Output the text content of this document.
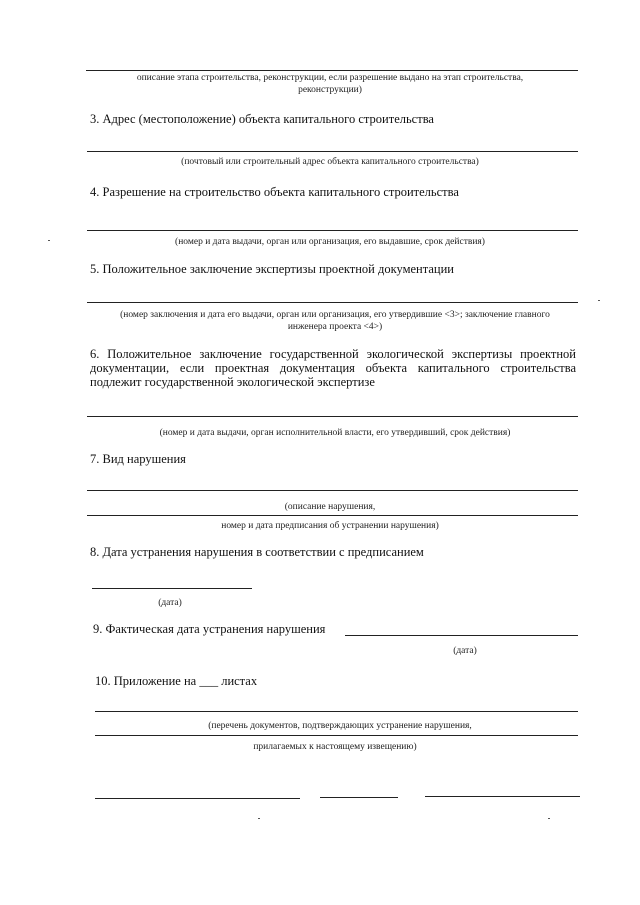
описание этапа строительства, реконструкции, если разрешение выдано на этап строительства, реконструкции)
3. Адрес (местоположение) объекта капитального строительства
(почтовый или строительный адрес объекта капитального строительства)
4. Разрешение на строительство объекта капитального строительства
(номер и дата выдачи, орган или организация, его выдавшие, срок действия)
5. Положительное заключение экспертизы проектной документации
(номер заключения и дата его выдачи, орган или организация, его утвердившие <3>; заключение главного инженера проекта <4>)
6. Положительное заключение государственной экологической экспертизы проектной документации, если проектная документация объекта капитального строительства подлежит государственной экологической экспертизе
(номер и дата выдачи, орган исполнительной власти, его утвердивший, срок действия)
7. Вид нарушения
(описание нарушения,
номер и дата предписания об устранении нарушения)
8. Дата устранения нарушения в соответствии с предписанием
(дата)
9. Фактическая дата устранения нарушения
(дата)
10. Приложение на ___ листах
(перечень документов, подтверждающих устранение нарушения,
прилагаемых к настоящему извещению)
